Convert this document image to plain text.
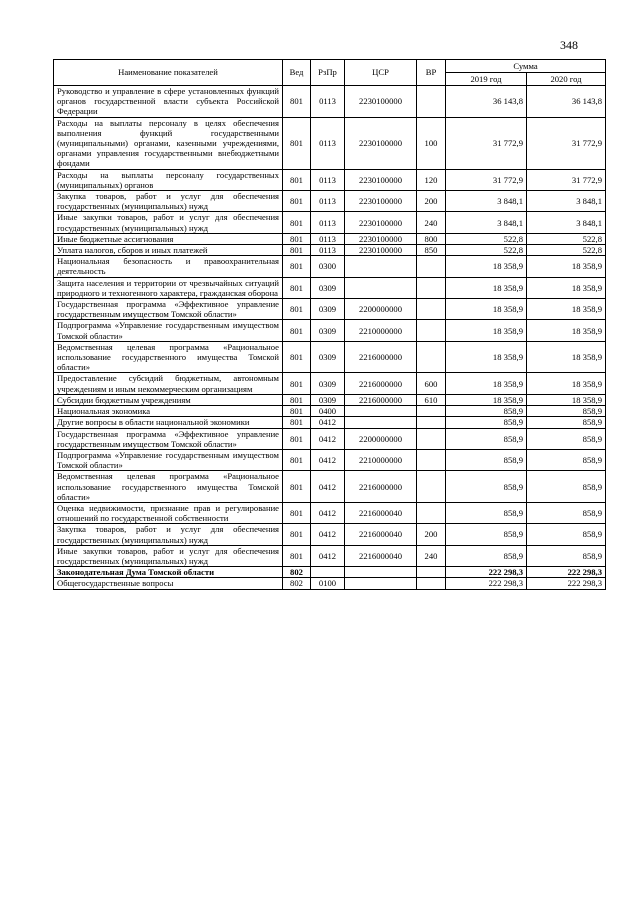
348
Наименование показателей	Вед	РзПр	ЦСР	ВР	Сумма	
					2019 год	2020 год
Руководство и управление в сфере установленных функций органов государственной власти субъекта Российской Федерации	801	0113	2230100000		36 143,8	36 143,8
Расходы на выплаты персоналу в целях обеспечения выполнения функций государственными (муниципальными) органами, казенными учреждениями, органами управления государственными внебюджетными фондами	801	0113	2230100000	100	31 772,9	31 772,9
Расходы на выплаты персоналу государственных (муниципальных) органов	801	0113	2230100000	120	31 772,9	31 772,9
Закупка товаров, работ и услуг для обеспечения государственных (муниципальных) нужд	801	0113	2230100000	200	3 848,1	3 848,1
Иные закупки товаров, работ и услуг для обеспечения государственных (муниципальных) нужд	801	0113	2230100000	240	3 848,1	3 848,1
Иные бюджетные ассигнования	801	0113	2230100000	800	522,8	522,8
Уплата налогов, сборов и иных платежей	801	0113	2230100000	850	522,8	522,8
Национальная безопасность и правоохранительная деятельность	801	0300			18 358,9	18 358,9
Защита населения и территории от чрезвычайных ситуаций природного и техногенного характера, гражданская оборона	801	0309			18 358,9	18 358,9
Государственная программа «Эффективное управление государственным имуществом Томской области»	801	0309	2200000000		18 358,9	18 358,9
Подпрограмма «Управление государственным имуществом Томской области»	801	0309	2210000000		18 358,9	18 358,9
Ведомственная целевая программа «Рациональное использование государственного имущества Томской области»	801	0309	2216000000		18 358,9	18 358,9
Предоставление субсидий бюджетным, автономным учреждениям и иным некоммерческим организациям	801	0309	2216000000	600	18 358,9	18 358,9
Субсидии бюджетным учреждениям	801	0309	2216000000	610	18 358,9	18 358,9
Национальная экономика	801	0400			858,9	858,9
Другие вопросы в области национальной экономики	801	0412			858,9	858,9
Государственная программа «Эффективное управление государственным имуществом Томской области»	801	0412	2200000000		858,9	858,9
Подпрограмма «Управление государственным имуществом Томской области»	801	0412	2210000000		858,9	858,9
Ведомственная целевая программа «Рациональное использование государственного имущества Томской области»	801	0412	2216000000		858,9	858,9
Оценка недвижимости, признание прав и регулирование отношений по государственной собственности	801	0412	2216000040		858,9	858,9
Закупка товаров, работ и услуг для обеспечения государственных (муниципальных) нужд	801	0412	2216000040	200	858,9	858,9
Иные закупки товаров, работ и услуг для обеспечения государственных (муниципальных) нужд	801	0412	2216000040	240	858,9	858,9
Законодательная Дума Томской области	802				222 298,3	222 298,3
Общегосударственные вопросы	802	0100			222 298,3	222 298,3
